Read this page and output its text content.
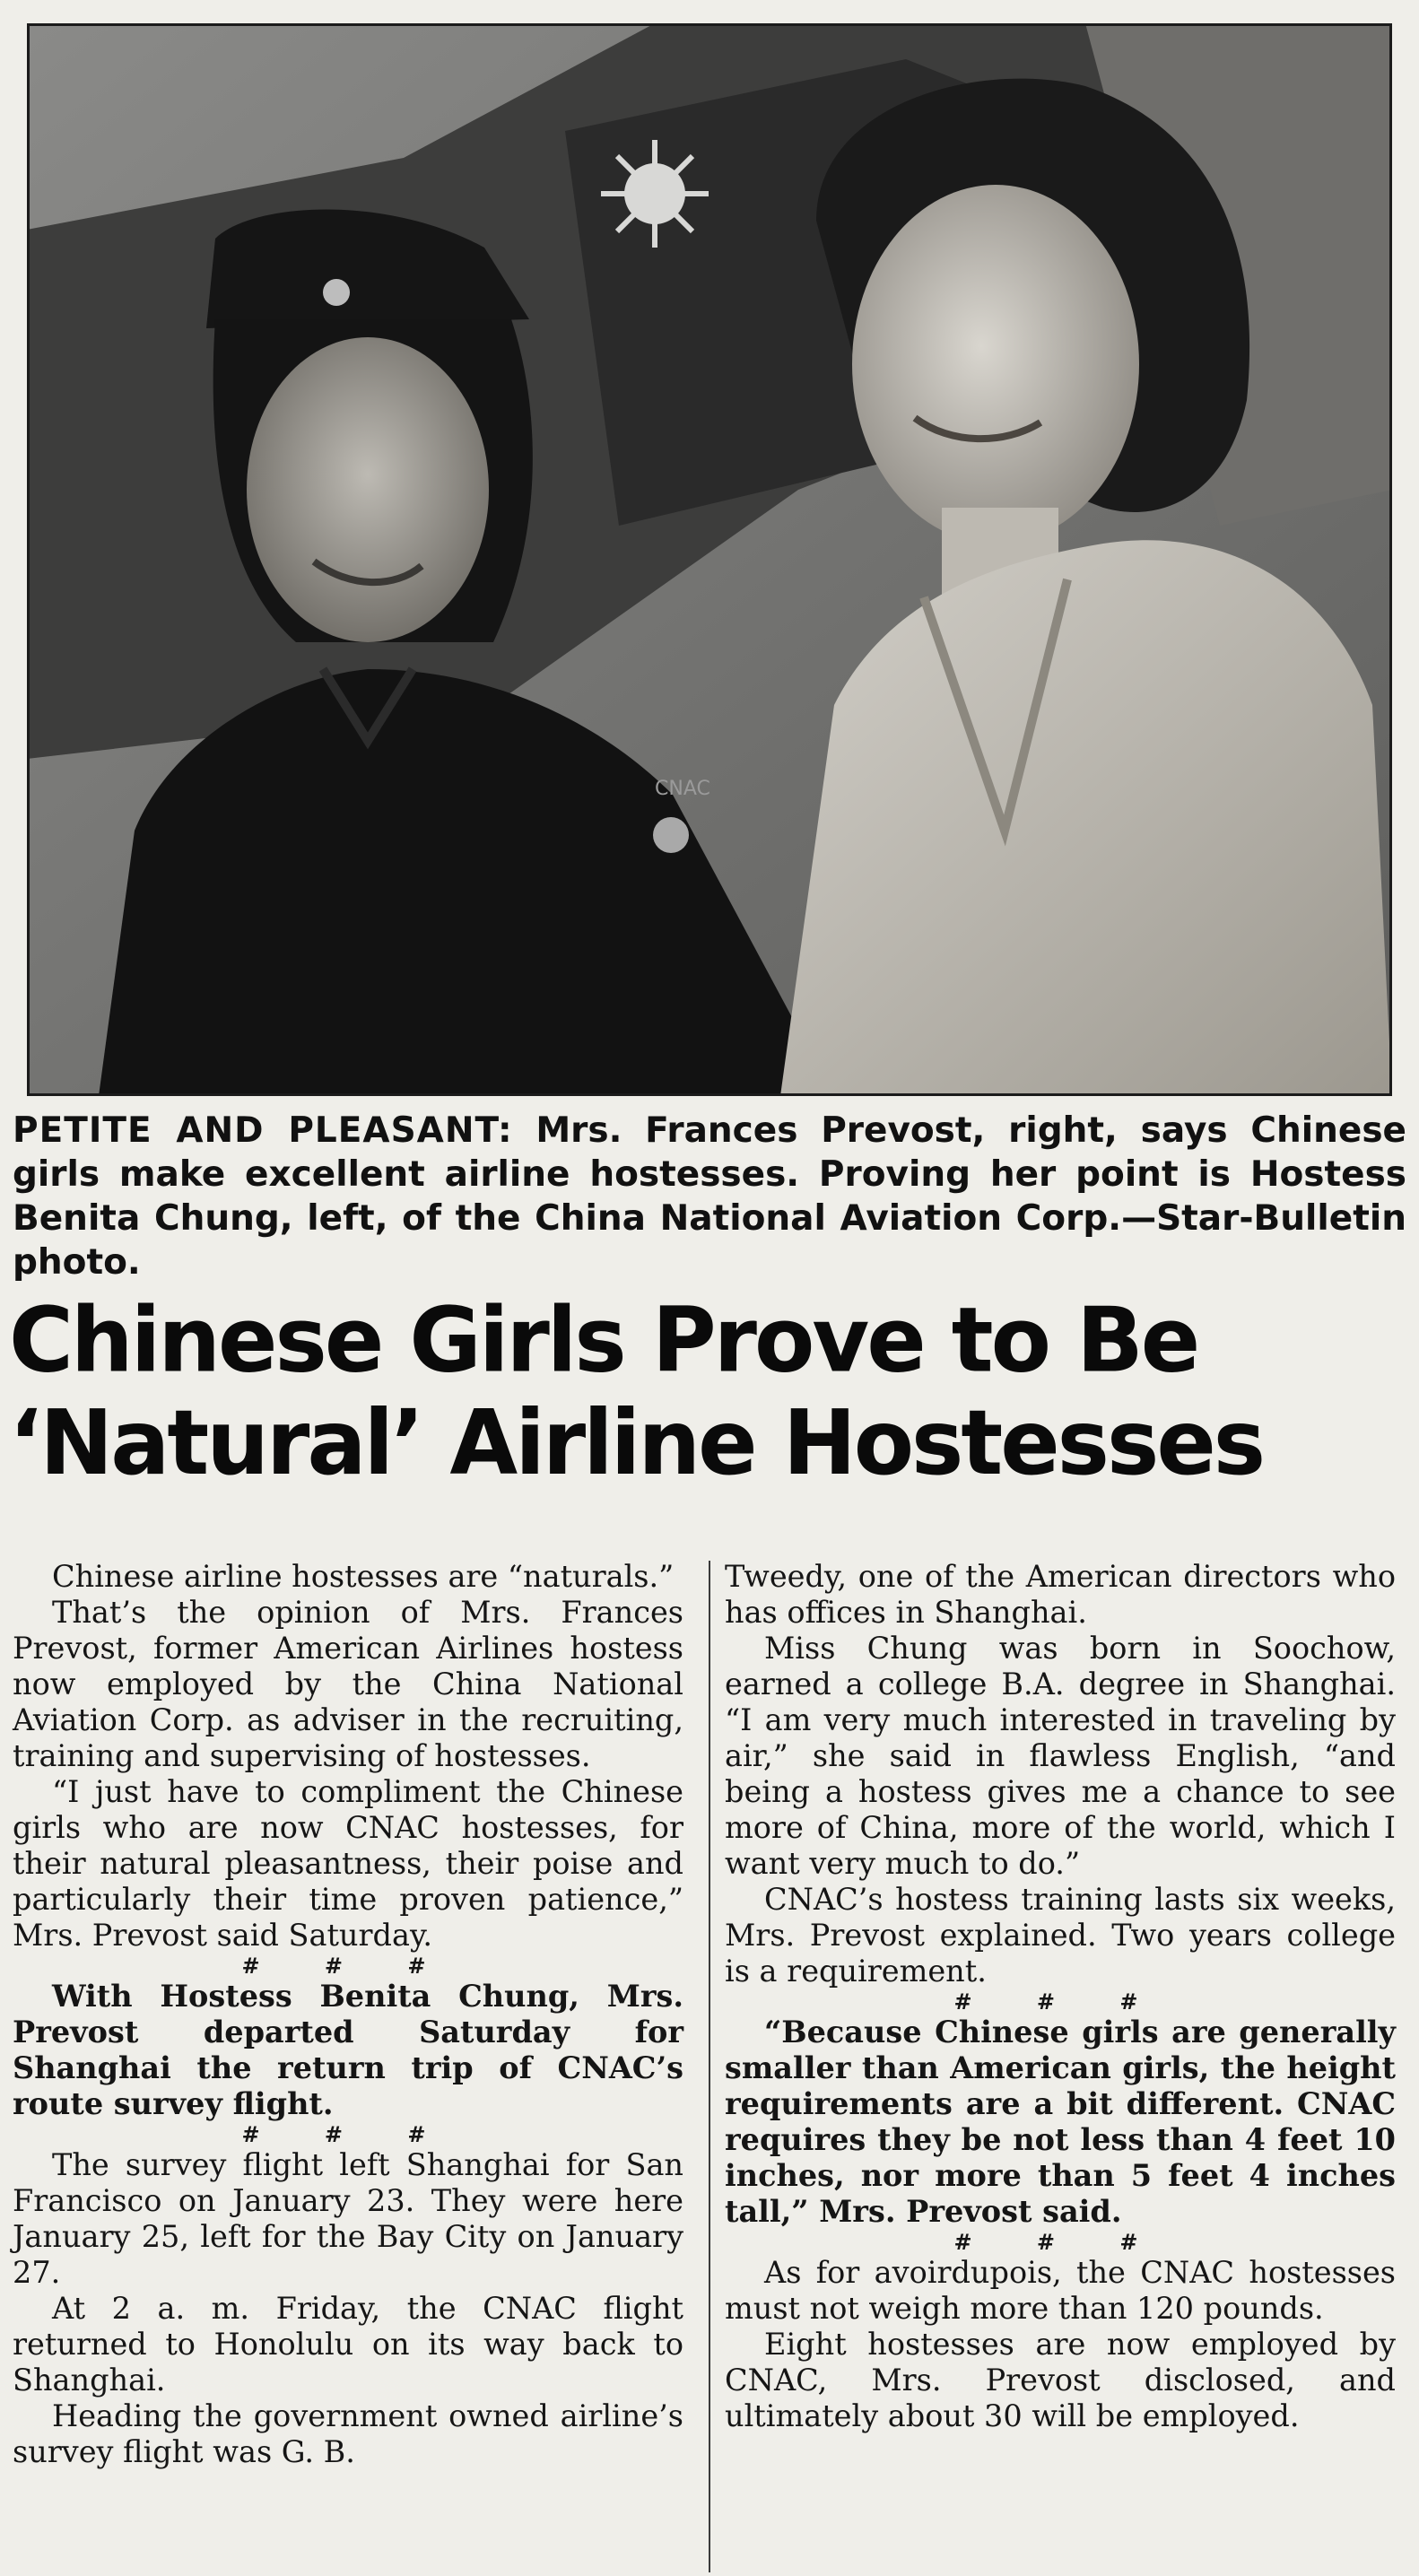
CNAC
PETITE AND PLEASANT: Mrs. Frances Prevost, right, says Chinese girls make excellent airline hostesses. Proving her point is Hostess Benita Chung, left, of the China National Aviation Corp.—Star-Bulletin photo.
Chinese Girls Prove to Be
‘Natural’ Airline Hostesses

Chinese airline hostesses are “naturals.”

That’s the opinion of Mrs. Frances Prevost, former American Airlines hostess now employed by the China National Aviation Corp. as adviser in the recruiting, training and supervising of hostesses.

“I just have to compliment the Chinese girls who are now CNAC hostesses, for their natural pleasantness, their poise and particularly their time proven patience,” Mrs. Prevost said Saturday.

# # #

With Hostess Benita Chung, Mrs. Prevost departed Saturday for Shanghai the return trip of CNAC’s route survey flight.

# # #

The survey flight left Shanghai for San Francisco on January 23. They were here January 25, left for the Bay City on January 27.

At 2 a. m. Friday, the CNAC flight returned to Honolulu on its way back to Shanghai.

Heading the government owned airline’s survey flight was G. B.

Tweedy, one of the American directors who has offices in Shanghai.

Miss Chung was born in Soochow, earned a college B.A. degree in Shanghai. “I am very much interested in traveling by air,” she said in flawless English, “and being a hostess gives me a chance to see more of China, more of the world, which I want very much to do.”

CNAC’s hostess training lasts six weeks, Mrs. Prevost explained. Two years college is a requirement.

# # #

“Because Chinese girls are generally smaller than American girls, the height requirements are a bit different. CNAC requires they be not less than 4 feet 10 inches, nor more than 5 feet 4 inches tall,” Mrs. Prevost said.

# # #

As for avoirdupois, the CNAC hostesses must not weigh more than 120 pounds.

Eight hostesses are now employed by CNAC, Mrs. Prevost disclosed, and ultimately about 30 will be employed.
